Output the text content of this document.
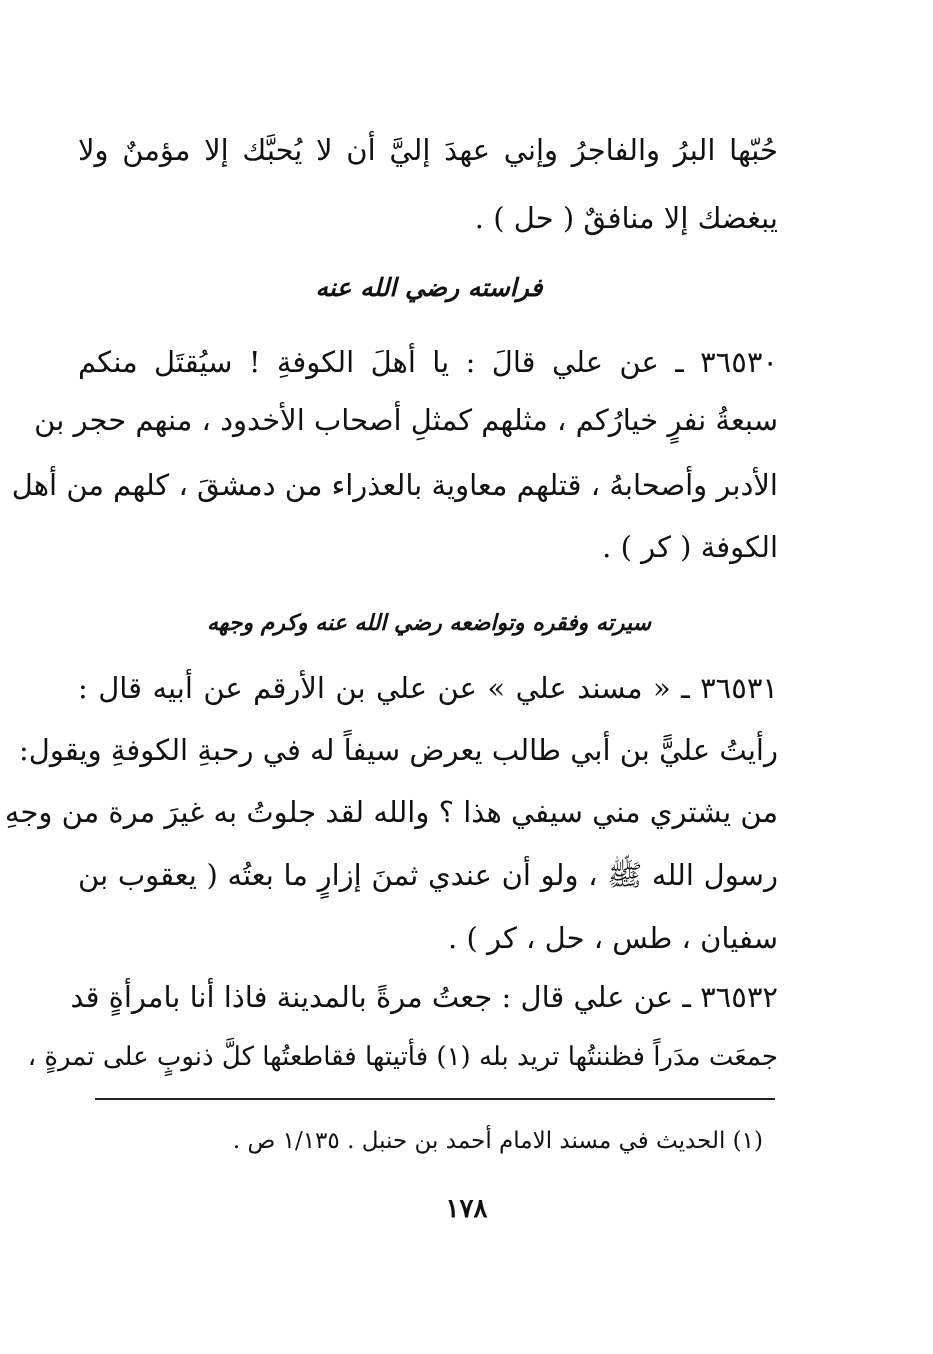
حُبّها البرُ والفاجرُ وإني عهدَ إليَّ أن لا يُحبَّك إلا مؤمنٌ ولا
يبغضك إلا منافقٌ ( حل ) .
فراسته رضي الله عنه
٣٦٥٣٠ ـ عن علي قالَ : يا أهلَ الكوفةِ ! سيُقتَل منكم
سبعةُ نفرٍ خيارُكم ، مثلهم كمثلِ أصحاب الأخدود ، منهم حجر بن
الأدبر وأصحابهُ ، قتلهم معاوية بالعذراء من دمشقَ ، كلهم من أهل
الكوفة ( كر ) .
سيرته وفقره وتواضعه رضي الله عنه وكرم وجهه
٣٦٥٣١ ـ « مسند علي » عن علي بن الأرقم عن أبيه قال :
رأيتُ عليًّ بن أبي طالب يعرض سيفاً له في رحبةِ الكوفةِ ويقول:
من يشتري مني سيفي هذا ؟ والله لقد جلوتُ به غيرَ مرة من وجهِ
رسول الله ﷺ ، ولو أن عندي ثمنَ إزارٍ ما بعتُه ( يعقوب بن
سفيان ، طس ، حل ، كر ) .
٣٦٥٣٢ ـ عن علي قال : جعتُ مرةً بالمدينة فاذا أنا بامرأةٍ قد
جمعَت مدَراً فظننتُها تريد بله (١) فأتيتها فقاطعتُها كلَّ ذنوبٍ على تمرةٍ ،
(١) الحديث في مسند الامام أحمد بن حنبل . ١/١٣٥ ص .
١٧٨
